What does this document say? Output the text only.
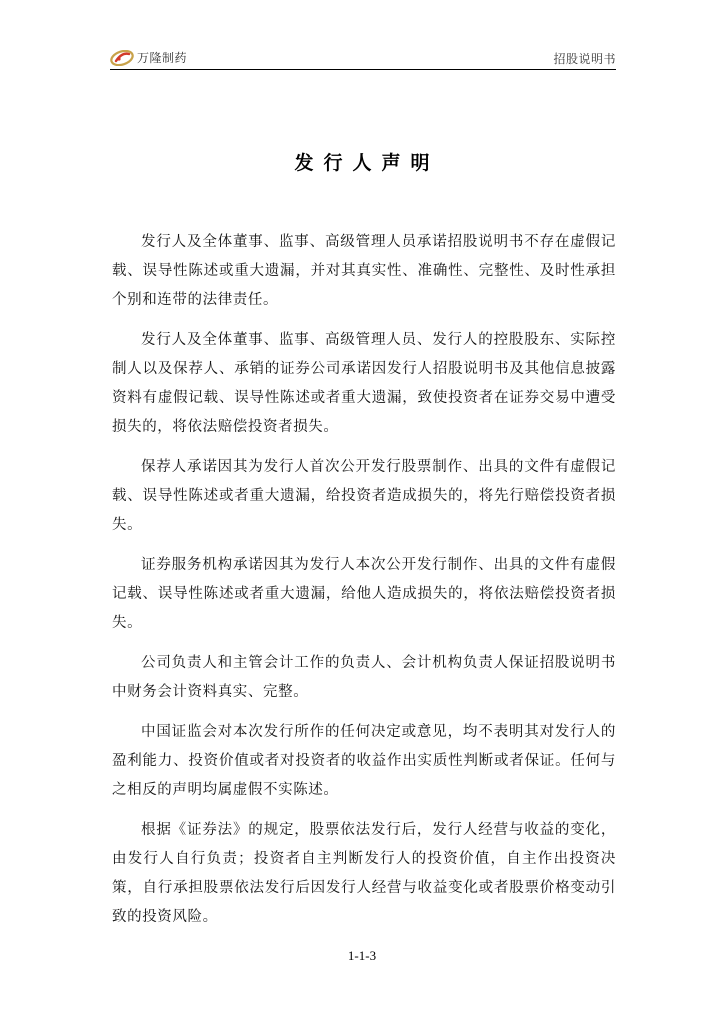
万隆制药	招股说明书
发行人声明

发行人及全体董事、监事、高级管理人员承诺招股说明书不存在虚假记载、误导性陈述或重大遗漏，并对其真实性、准确性、完整性、及时性承担个别和连带的法律责任。

发行人及全体董事、监事、高级管理人员、发行人的控股股东、实际控制人以及保荐人、承销的证券公司承诺因发行人招股说明书及其他信息披露资料有虚假记载、误导性陈述或者重大遗漏，致使投资者在证券交易中遭受损失的，将依法赔偿投资者损失。

保荐人承诺因其为发行人首次公开发行股票制作、出具的文件有虚假记载、误导性陈述或者重大遗漏，给投资者造成损失的，将先行赔偿投资者损失。

证券服务机构承诺因其为发行人本次公开发行制作、出具的文件有虚假记载、误导性陈述或者重大遗漏，给他人造成损失的，将依法赔偿投资者损失。

公司负责人和主管会计工作的负责人、会计机构负责人保证招股说明书中财务会计资料真实、完整。

中国证监会对本次发行所作的任何决定或意见，均不表明其对发行人的盈利能力、投资价值或者对投资者的收益作出实质性判断或者保证。任何与之相反的声明均属虚假不实陈述。

根据《证券法》的规定，股票依法发行后，发行人经营与收益的变化，由发行人自行负责；投资者自主判断发行人的投资价值，自主作出投资决策，自行承担股票依法发行后因发行人经营与收益变化或者股票价格变动引致的投资风险。

1-1-3
